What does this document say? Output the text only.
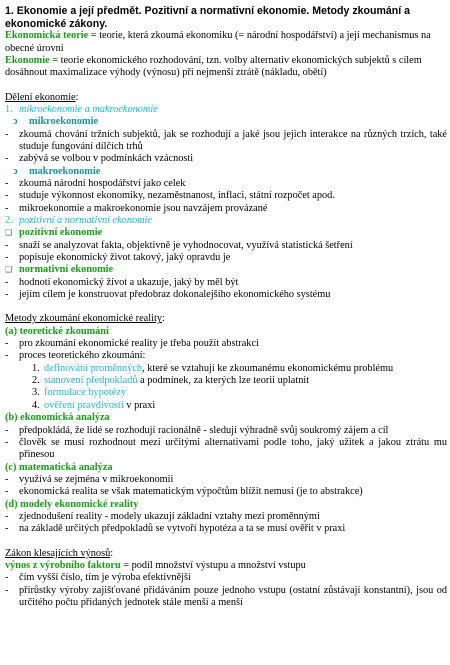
1. Ekonomie a její předmět. Pozitivní a normativní ekonomie. Metody zkoumání a ekonomické zákony.
Ekonomická teorie = teorie, která zkoumá ekonomiku (= národní hospodářství) a její mechanismus na obecné úrovni
Ekonomie = teorie ekonomického rozhodování, tzn. volby alternativ ekonomických subjektů s cílem dosáhnout maximalizace výhody (výnosu) při nejmenší ztrátě (nákladu, obětí)
Dělení ekonomie:
1. mikroekonomie a makroekonomie
ↄ mikroekonomie
- zkoumá chování tržních subjektů, jak se rozhodují a jaké jsou jejich interakce na různých trzích, také studuje fungování dílčích trhů
- zabývá se volbou v podmínkách vzácnosti
ↄ makroekonomie
- zkoumá národní hospodářství jako celek
- studuje výkonnost ekonomiky, nezaměstnanost, inflaci, státní rozpočet apod.
- mikroekonomie a makroekonomie jsou navzájem provázané
2. pozitivní a normativní ekonomie
❑ pozitivní ekonomie
- snaží se analyzovat fakta, objektivně je vyhodnocovat, využívá statistická šetření
- popisuje ekonomický život takový, jaký opravdu je
❑ normativní ekonomie
- hodnotí ekonomický život a ukazuje, jaký by měl být
- jejím cílem je konstruovat předobraz dokonalejšího ekonomického systému
Metody zkoumání ekonomické reality:
(a) teoretické zkoumání
- pro zkoumání ekonomické reality je třeba použít abstrakci
- proces teoretického zkoumání:
1. definování proměnných, které se vztahují ke zkoumanému ekonomickému problému
2. stanovení předpokladů a podmínek, za kterých lze teorii uplatnit
3. formulace hypotézy
4. ověření pravdivosti v praxi
(b) ekonomická analýza
- předpokládá, že lidé se rozhodují racionálně - sledují výhradně svůj soukromý zájem a cíl
- člověk se musí rozhodnout mezi určitými alternativami podle toho, jaký užitek a jakou ztrátu mu přinesou
(c) matematická analýza
- využívá se zejména v mikroekonomii
- ekonomická realita se však matematickým výpočtům blížit nemusí (je to abstrakce)
(d) modely ekonomické reality
- zjednodušení reality - modely ukazují základní vztahy mezi proměnnými
- na základě určitých předpokladů se vytvoří hypotéza a ta se musí ověřit v praxi
Zákon klesajících výnosů:
výnos z výrobního faktoru = podíl množství výstupu a množství vstupu
- čím vyšší číslo, tím je výroba efektivnější
- přírůstky výroby zajišťované přidáváním pouze jednoho vstupu (ostatní zůstávají konstantní), jsou od určitého počtu přidaných jednotek stále menší a menší
